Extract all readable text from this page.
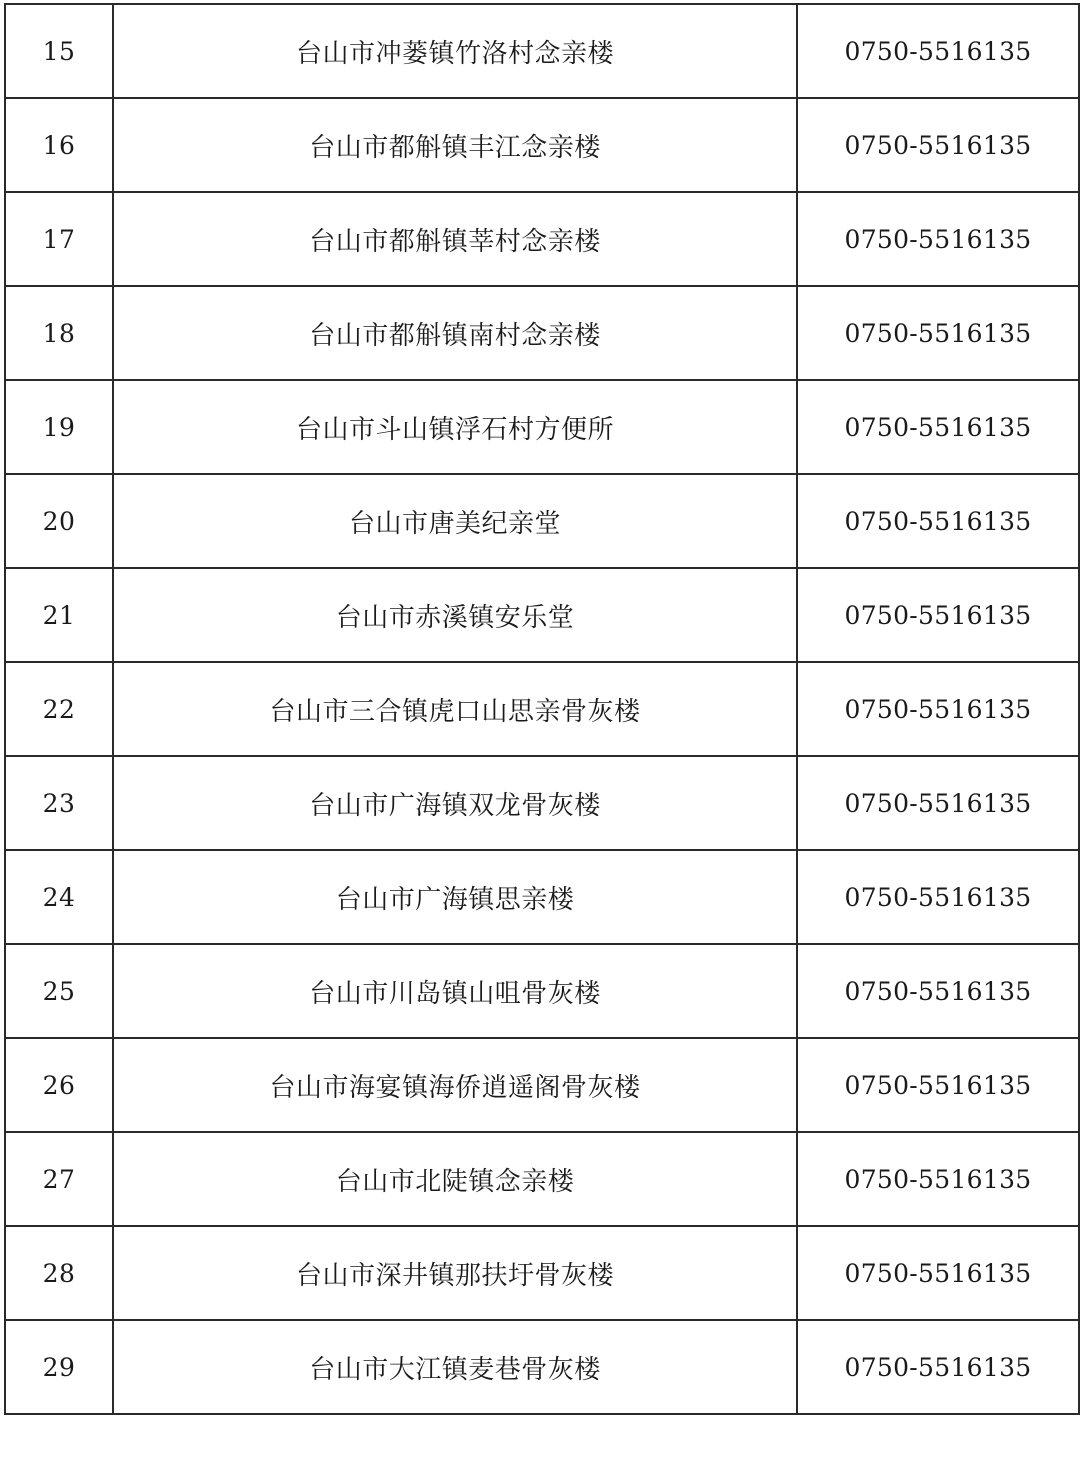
15	台山市冲蒌镇竹洛村念亲楼	0750-5516135
16	台山市都斛镇丰江念亲楼	0750-5516135
17	台山市都斛镇莘村念亲楼	0750-5516135
18	台山市都斛镇南村念亲楼	0750-5516135
19	台山市斗山镇浮石村方便所	0750-5516135
20	台山市唐美纪亲堂	0750-5516135
21	台山市赤溪镇安乐堂	0750-5516135
22	台山市三合镇虎口山思亲骨灰楼	0750-5516135
23	台山市广海镇双龙骨灰楼	0750-5516135
24	台山市广海镇思亲楼	0750-5516135
25	台山市川岛镇山咀骨灰楼	0750-5516135
26	台山市海宴镇海侨逍遥阁骨灰楼	0750-5516135
27	台山市北陡镇念亲楼	0750-5516135
28	台山市深井镇那扶圩骨灰楼	0750-5516135
29	台山市大江镇麦巷骨灰楼	0750-5516135
